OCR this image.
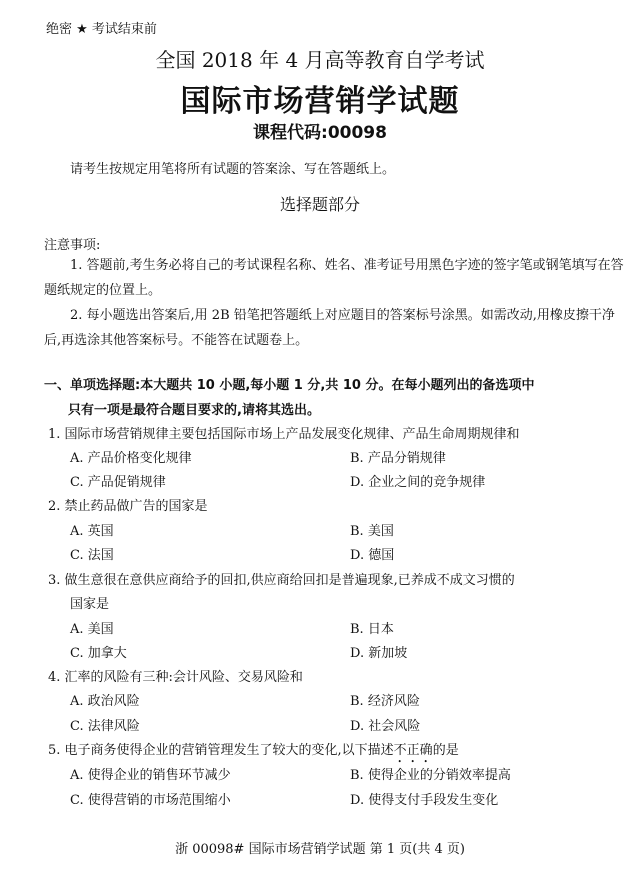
绝密 ★ 考试结束前
全国 2018 年 4 月高等教育自学考试
国际市场营销学试题
课程代码:00098
请考生按规定用笔将所有试题的答案涂、写在答题纸上。
选择题部分
注意事项:
1. 答题前,考生务必将自己的考试课程名称、姓名、准考证号用黑色字迹的签字笔或钢笔填写在答题纸规定的位置上。
2. 每小题选出答案后,用 2B 铅笔把答题纸上对应题目的答案标号涂黑。如需改动,用橡皮擦干净后,再选涂其他答案标号。不能答在试题卷上。
一、单项选择题:本大题共 10 小题,每小题 1 分,共 10 分。在每小题列出的备选项中
只有一项是最符合题目要求的,请将其选出。
1. 国际市场营销规律主要包括国际市场上产品发展变化规律、产品生命周期规律和
A. 产品价格变化规律	B. 产品分销规律
C. 产品促销规律	D. 企业之间的竞争规律
2. 禁止药品做广告的国家是
A. 英国	B. 美国
C. 法国	D. 德国
3. 做生意很在意供应商给予的回扣,供应商给回扣是普遍现象,已养成不成文习惯的
国家是
A. 美国	B. 日本
C. 加拿大	D. 新加坡
4. 汇率的风险有三种:会计风险、交易风险和
A. 政治风险	B. 经济风险
C. 法律风险	D. 社会风险
5. 电子商务使得企业的营销管理发生了较大的变化,以下描述不正确的是
A. 使得企业的销售环节减少	B. 使得企业的分销效率提高
C. 使得营销的市场范围缩小	D. 使得支付手段发生变化
浙 00098# 国际市场营销学试题 第 1 页(共 4 页)
